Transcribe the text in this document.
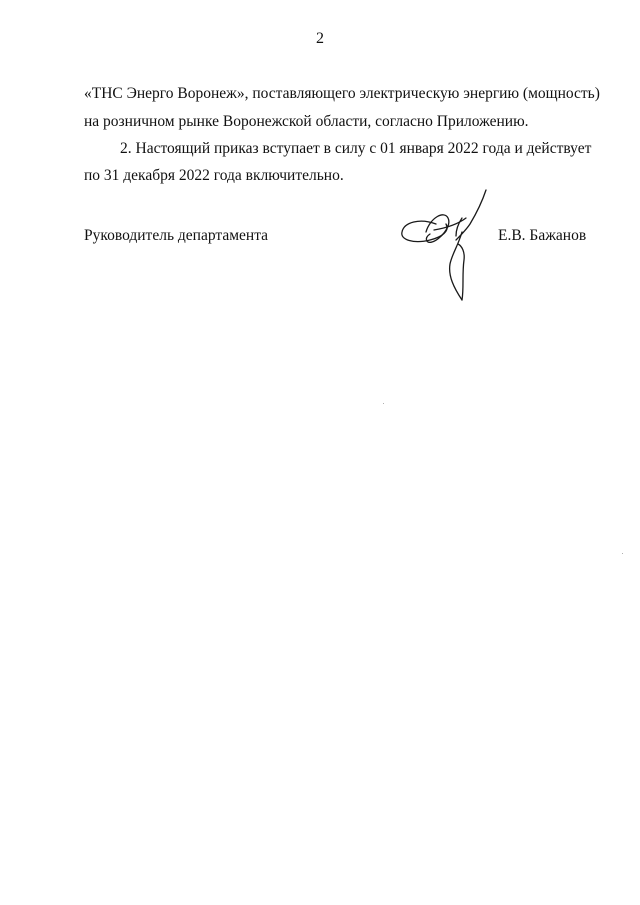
2
«ТНС Энерго Воронеж», поставляющего электрическую энергию (мощность)
на розничном рынке Воронежской области, согласно Приложению.
2. Настоящий приказ вступает в силу с 01 января 2022 года и действует
по 31 декабря 2022 года включительно.
Руководитель департамента	Е.В. Бажанов
